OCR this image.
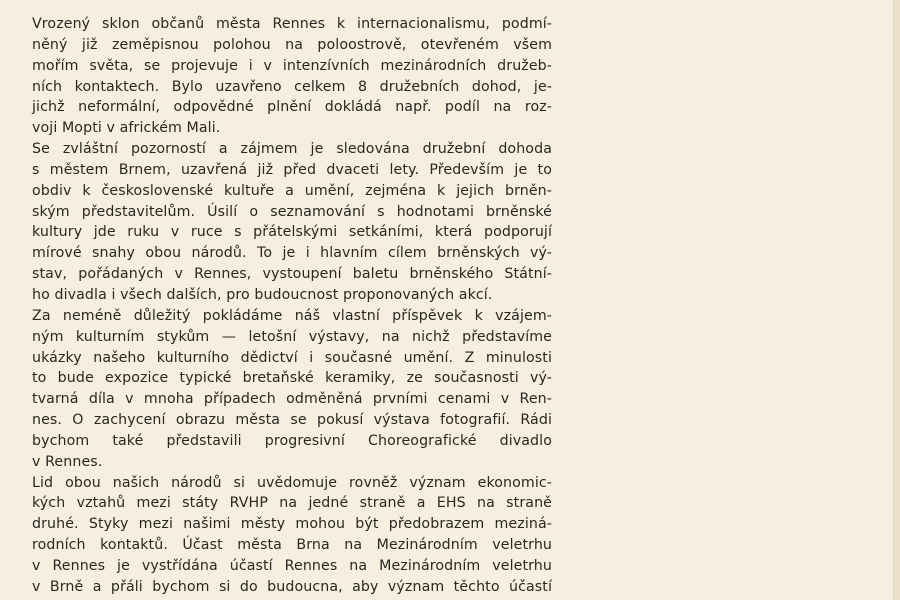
Vrozený sklon občanů města Rennes k internacionalismu, podmí-
něný již zeměpisnou polohou na poloostrově, otevřeném všem
mořím světa, se projevuje i v intenzívních mezinárodních družeb-
ních kontaktech. Bylo uzavřeno celkem 8 družebních dohod, je-
jichž neformální, odpovědné plnění dokládá např. podíl na roz-
voji Mopti v africkém Mali.
Se zvláštní pozorností a zájmem je sledována družební dohoda
s městem Brnem, uzavřená již před dvaceti lety. Především je to
obdiv k československé kultuře a umění, zejména k jejich brněn-
ským představitelům. Úsilí o seznamování s hodnotami brněnské
kultury jde ruku v ruce s přátelskými setkáními, která podporují
mírové snahy obou národů. To je i hlavním cílem brněnských vý-
stav, pořádaných v Rennes, vystoupení baletu brněnského Státní-
ho divadla i všech dalších, pro budoucnost proponovaných akcí.
Za neméně důležitý pokládáme náš vlastní příspěvek k vzájem-
ným kulturním stykům — letošní výstavy, na nichž představíme
ukázky našeho kulturního dědictví i současné umění. Z minulosti
to bude expozice typické bretaňské keramiky, ze současnosti vý-
tvarná díla v mnoha případech odměněná prvními cenami v Ren-
nes. O zachycení obrazu města se pokusí výstava fotografií. Rádi
bychom také představili progresivní Choreografické divadlo
v Rennes.
Lid obou našich národů si uvědomuje rovněž význam ekonomic-
kých vztahů mezi státy RVHP na jedné straně a EHS na straně
druhé. Styky mezi našimi městy mohou být předobrazem meziná-
rodních kontaktů. Účast města Brna na Mezinárodním veletrhu
v Rennes je vystřídána účastí Rennes na Mezinárodním veletrhu
v Brně a přáli bychom si do budoucna, aby význam těchto účastí
